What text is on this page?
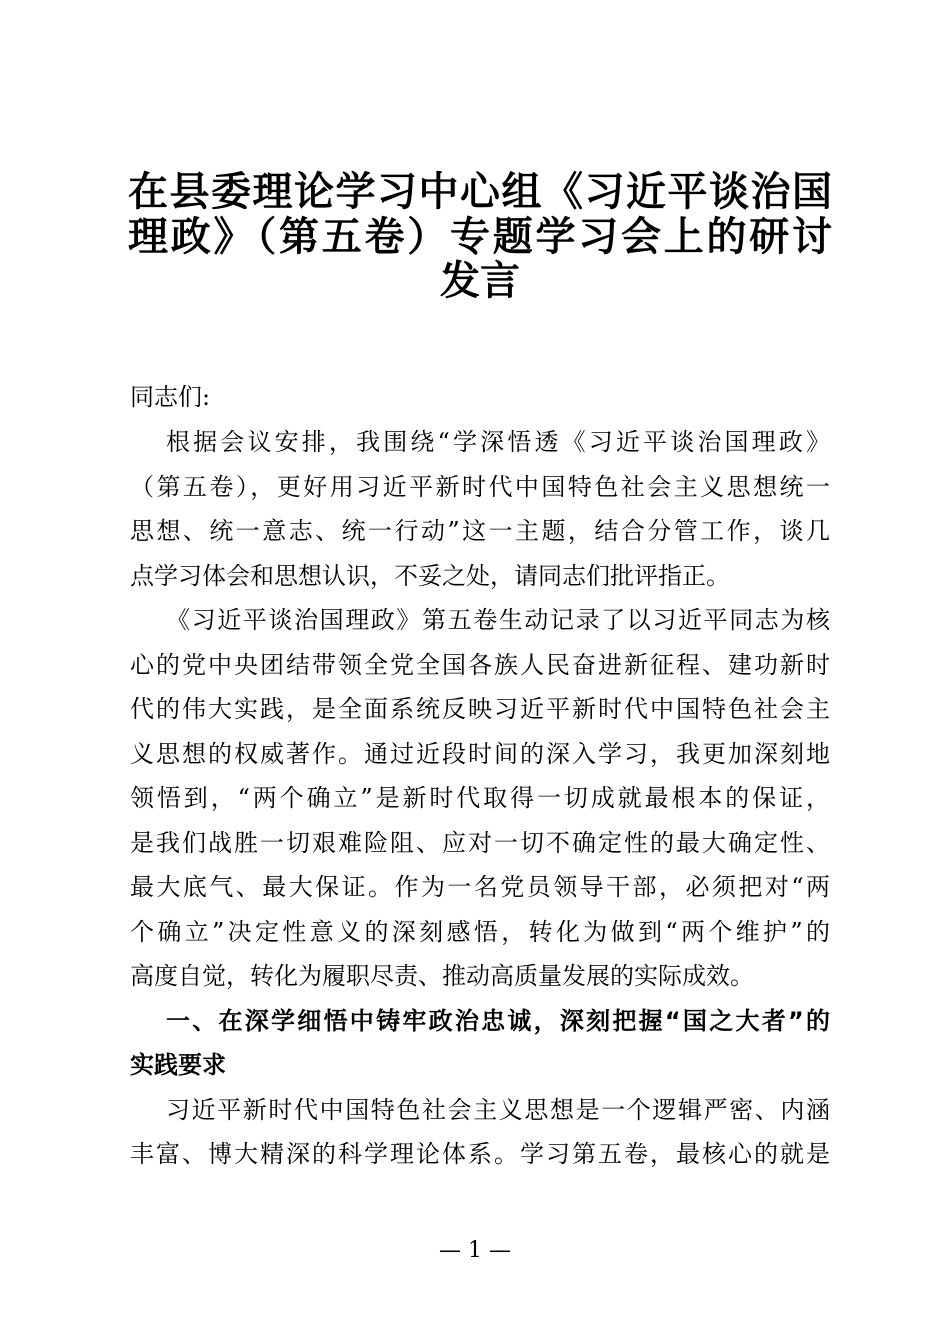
在县委理论学习中心组《习近平谈治国
理政》（第五卷）专题学习会上的研讨
发言
同志们:
根据会议安排，我围绕“学深悟透《习近平谈治国理政》
（第五卷），更好用习近平新时代中国特色社会主义思想统一
思想、统一意志、统一行动”这一主题，结合分管工作，谈几
点学习体会和思想认识，不妥之处，请同志们批评指正。
《习近平谈治国理政》第五卷生动记录了以习近平同志为核
心的党中央团结带领全党全国各族人民奋进新征程、建功新时
代的伟大实践，是全面系统反映习近平新时代中国特色社会主
义思想的权威著作。通过近段时间的深入学习，我更加深刻地
领悟到，“两个确立”是新时代取得一切成就最根本的保证，
是我们战胜一切艰难险阻、应对一切不确定性的最大确定性、
最大底气、最大保证。作为一名党员领导干部，必须把对“两
个确立”决定性意义的深刻感悟，转化为做到“两个维护”的
高度自觉，转化为履职尽责、推动高质量发展的实际成效。
一、在深学细悟中铸牢政治忠诚，深刻把握“国之大者”的
实践要求
习近平新时代中国特色社会主义思想是一个逻辑严密、内涵
丰富、博大精深的科学理论体系。学习第五卷，最核心的就是
— 1 —
